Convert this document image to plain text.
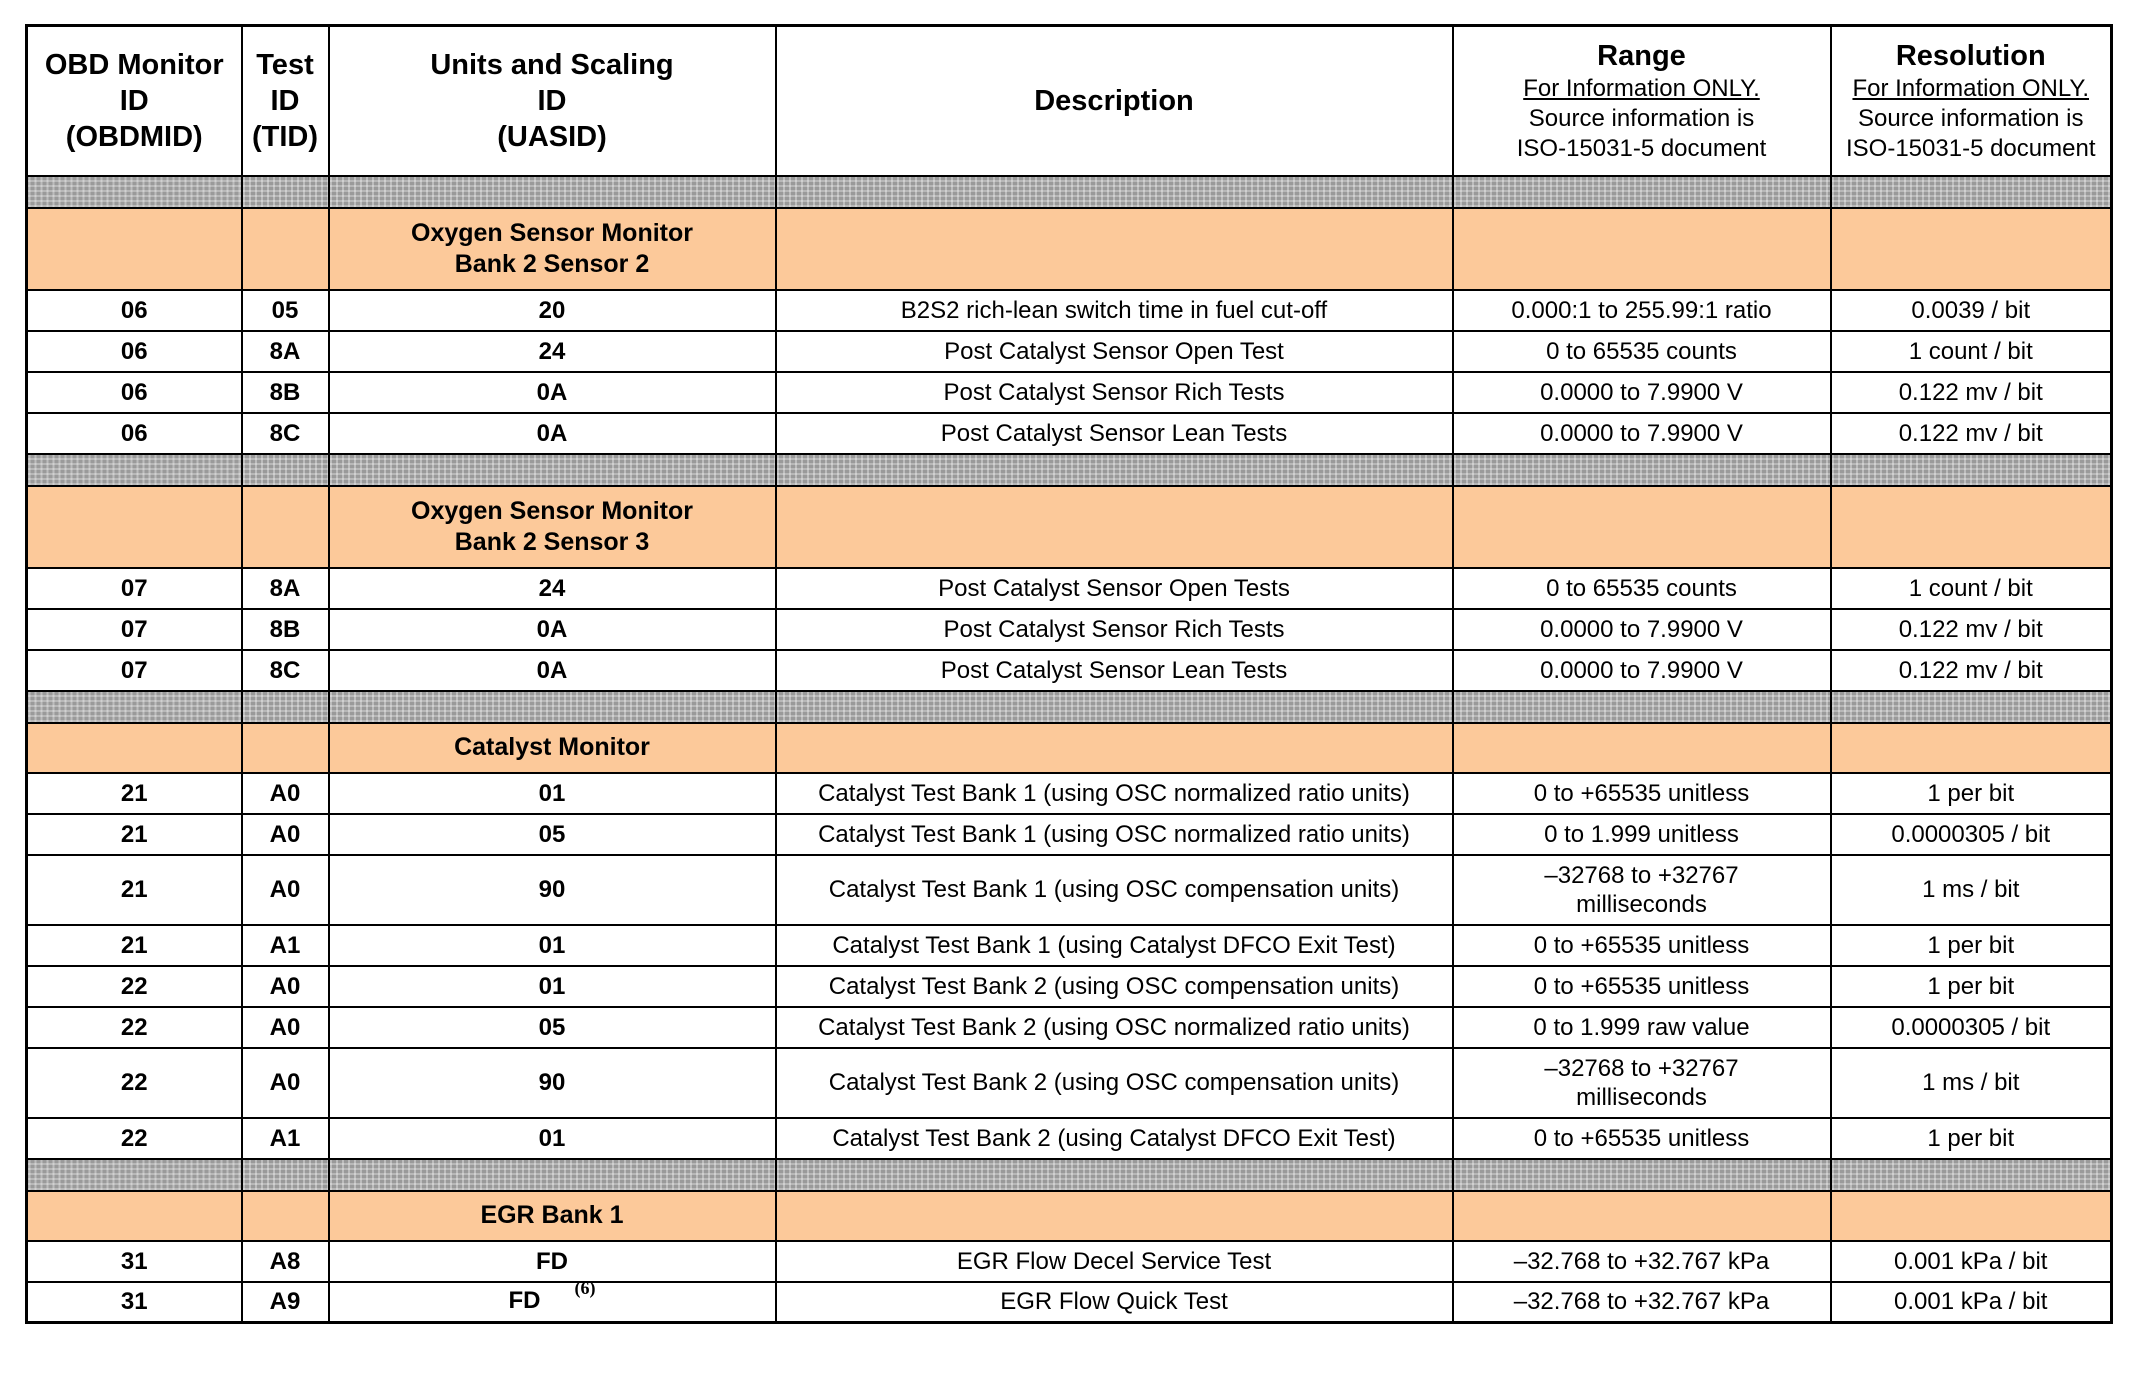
OBD Monitor
ID
(OBDMID)	Test
ID
(TID)	Units and Scaling
ID
(UASID)	Description	Range
For Information ONLY.
Source information is
ISO-15031-5 document	Resolution
For Information ONLY.
Source information is
ISO-15031-5 document

		Oxygen Sensor Monitor
Bank 2 Sensor 2			
06	05	20	B2S2 rich-lean switch time in fuel cut-off	0.000:1 to 255.99:1 ratio	0.0039 / bit
06	8A	24	Post Catalyst Sensor Open Test	0 to 65535 counts	1 count / bit
06	8B	0A	Post Catalyst Sensor Rich Tests	0.0000 to 7.9900 V	0.122 mv / bit
06	8C	0A	Post Catalyst Sensor Lean Tests	0.0000 to 7.9900 V	0.122 mv / bit

		Oxygen Sensor Monitor
Bank 2 Sensor 3			
07	8A	24	Post Catalyst Sensor Open Tests	0 to 65535 counts	1 count / bit
07	8B	0A	Post Catalyst Sensor Rich Tests	0.0000 to 7.9900 V	0.122 mv / bit
07	8C	0A	Post Catalyst Sensor Lean Tests	0.0000 to 7.9900 V	0.122 mv / bit

		Catalyst Monitor			
21	A0	01	Catalyst Test Bank 1 (using OSC normalized ratio units)	0 to +65535 unitless	1 per bit
21	A0	05	Catalyst Test Bank 1 (using OSC normalized ratio units)	0 to 1.999 unitless	0.0000305 / bit
21	A0	90	Catalyst Test Bank 1 (using OSC compensation units)	–32768 to +32767
milliseconds	1 ms / bit
21	A1	01	Catalyst Test Bank 1 (using Catalyst DFCO Exit Test)	0 to +65535 unitless	1 per bit
22	A0	01	Catalyst Test Bank 2 (using OSC compensation units)	0 to +65535 unitless	1 per bit
22	A0	05	Catalyst Test Bank 2 (using OSC normalized ratio units)	0 to 1.999 raw value	0.0000305 / bit
22	A0	90	Catalyst Test Bank 2 (using OSC compensation units)	–32768 to +32767
milliseconds	1 ms / bit
22	A1	01	Catalyst Test Bank 2 (using Catalyst DFCO Exit Test)	0 to +65535 unitless	1 per bit

		EGR Bank 1			
31	A8	FD	EGR Flow Decel Service Test	–32.768 to +32.767 kPa	0.001 kPa / bit
31	A9	FD $^{(6)}$	EGR Flow Quick Test	–32.768 to +32.767 kPa	0.001 kPa / bit
